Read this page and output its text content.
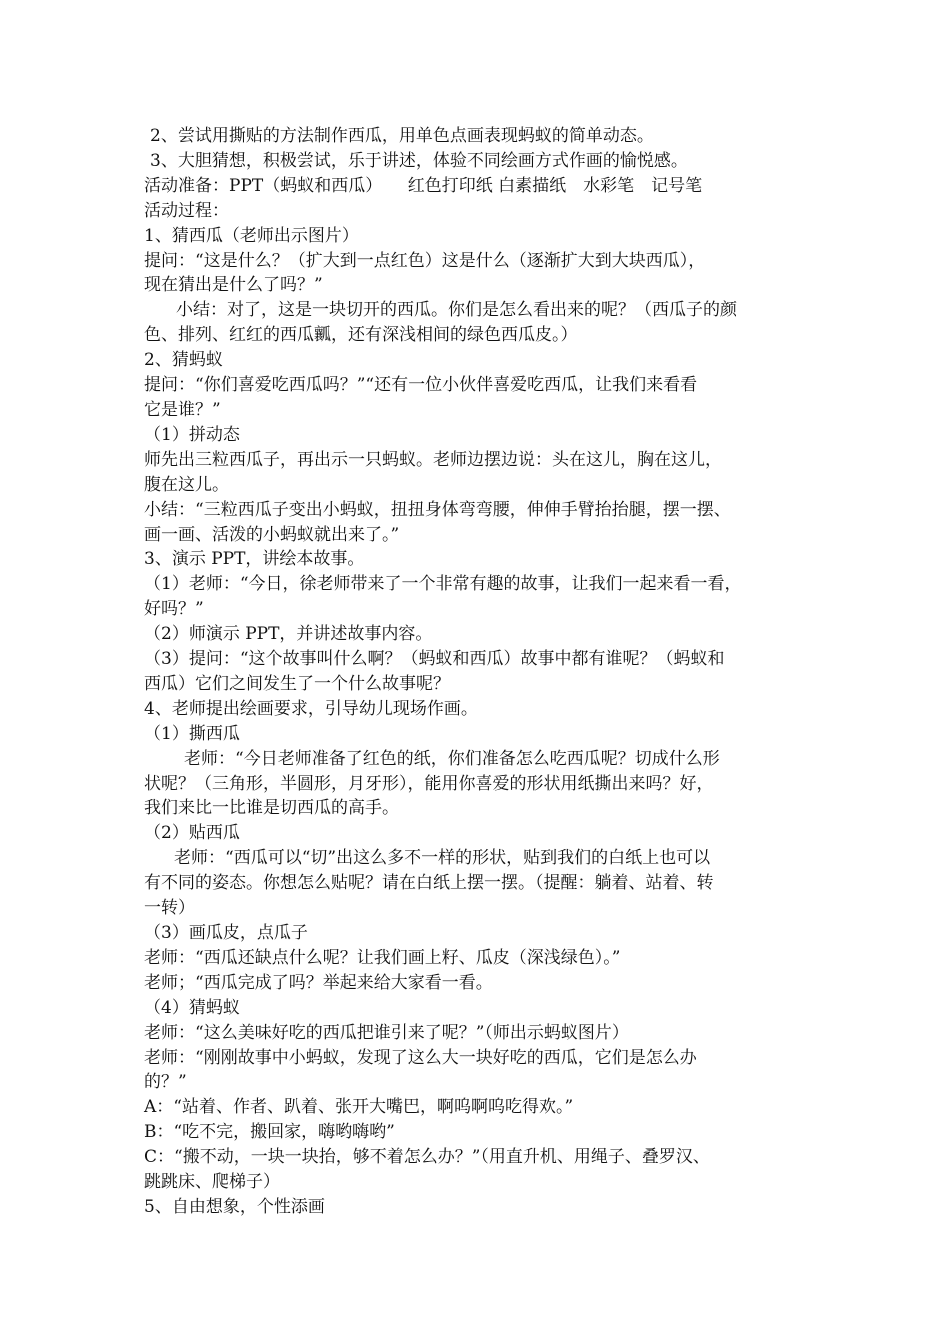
2、尝试用撕贴的方法制作西瓜，用单色点画表现蚂蚁的简单动态。

3、大胆猜想，积极尝试，乐于讲述，体验不同绘画方式作画的愉悦感。

活动准备：PPT（蚂蚁和西瓜）　　红色打印纸 白素描纸　水彩笔　记号笔

活动过程：

1、猜西瓜（老师出示图片）

提问：“这是什么？（扩大到一点红色）这是什么（逐渐扩大到大块西瓜），

现在猜出是什么了吗？”

小结：对了，这是一块切开的西瓜。你们是怎么看出来的呢？（西瓜子的颜

色、排列、红红的西瓜瓤，还有深浅相间的绿色西瓜皮。）

2、猜蚂蚁

提问：“你们喜爱吃西瓜吗？”“还有一位小伙伴喜爱吃西瓜，让我们来看看

它是谁？”

（1）拼动态

师先出三粒西瓜子，再出示一只蚂蚁。老师边摆边说：头在这儿，胸在这儿，

腹在这儿。

小结：“三粒西瓜子变出小蚂蚁，扭扭身体弯弯腰，伸伸手臂抬抬腿，摆一摆、

画一画、活泼的小蚂蚁就出来了。”

3、演示 PPT，讲绘本故事。

（1）老师：“今日，徐老师带来了一个非常有趣的故事，让我们一起来看一看，

好吗？”

（2）师演示 PPT，并讲述故事内容。

（3）提问：“这个故事叫什么啊？（蚂蚁和西瓜）故事中都有谁呢？（蚂蚁和

西瓜）它们之间发生了一个什么故事呢？

4、老师提出绘画要求，引导幼儿现场作画。

（1）撕西瓜

老师：“今日老师准备了红色的纸，你们准备怎么吃西瓜呢？切成什么形

状呢？（三角形，半圆形，月牙形），能用你喜爱的形状用纸撕出来吗？好，

我们来比一比谁是切西瓜的高手。

（2）贴西瓜

老师：“西瓜可以“切”出这么多不一样的形状，贴到我们的白纸上也可以

有不同的姿态。你想怎么贴呢？请在白纸上摆一摆。（提醒：躺着、站着、转

一转）

（3）画瓜皮，点瓜子

老师：“西瓜还缺点什么呢？让我们画上籽、瓜皮（深浅绿色）。”

老师；“西瓜完成了吗？举起来给大家看一看。

（4）猜蚂蚁

老师：“这么美味好吃的西瓜把谁引来了呢？”（师出示蚂蚁图片）

老师：“刚刚故事中小蚂蚁，发现了这么大一块好吃的西瓜，它们是怎么办

的？”

A：“站着、作者、趴着、张开大嘴巴，啊呜啊呜吃得欢。”

B：“吃不完，搬回家，嗨哟嗨哟”

C：“搬不动，一块一块抬，够不着怎么办？”（用直升机、用绳子、叠罗汉、

跳跳床、爬梯子）

5、自由想象，个性添画
